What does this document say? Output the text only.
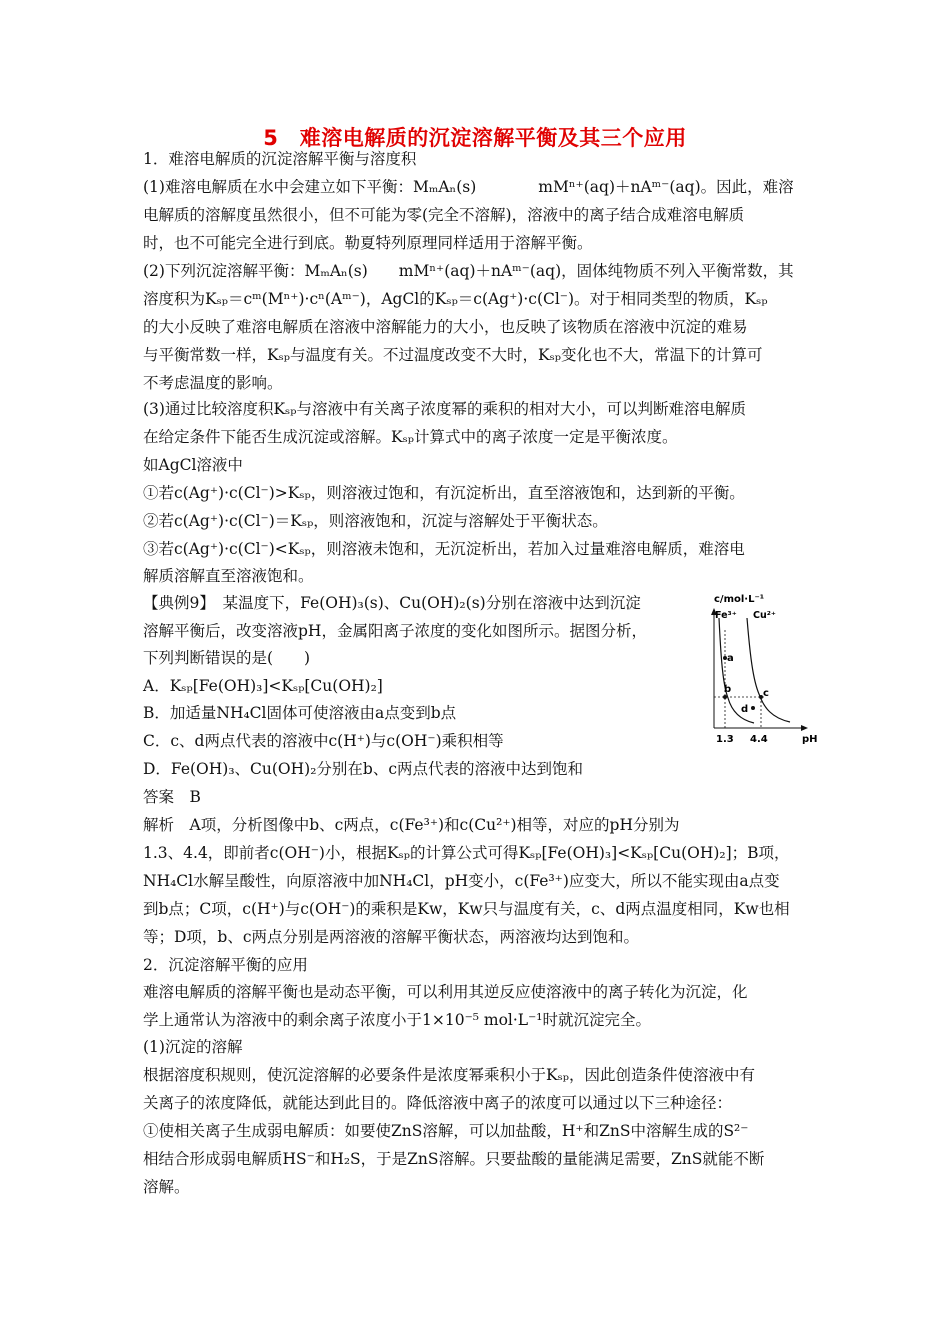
5　难溶电解质的沉淀溶解平衡及其三个应用
1．难溶电解质的沉淀溶解平衡与溶度积
(1)难溶电解质在水中会建立如下平衡：MₘAₙ(s)　　　　mMⁿ⁺(aq)＋nAᵐ⁻(aq)。因此，难溶
电解质的溶解度虽然很小，但不可能为零(完全不溶解)，溶液中的离子结合成难溶电解质
时，也不可能完全进行到底。勒夏特列原理同样适用于溶解平衡。
(2)下列沉淀溶解平衡：MₘAₙ(s)　　mMⁿ⁺(aq)＋nAᵐ⁻(aq)，固体纯物质不列入平衡常数，其
溶度积为Kₛₚ＝cᵐ(Mⁿ⁺)·cⁿ(Aᵐ⁻)，AgCl的Kₛₚ＝c(Ag⁺)·c(Cl⁻)。对于相同类型的物质，Kₛₚ
的大小反映了难溶电解质在溶液中溶解能力的大小，也反映了该物质在溶液中沉淀的难易
与平衡常数一样，Kₛₚ与温度有关。不过温度改变不大时，Kₛₚ变化也不大，常温下的计算可
不考虑温度的影响。
(3)通过比较溶度积Kₛₚ与溶液中有关离子浓度幂的乘积的相对大小，可以判断难溶电解质
在给定条件下能否生成沉淀或溶解。Kₛₚ计算式中的离子浓度一定是平衡浓度。
如AgCl溶液中
①若c(Ag⁺)·c(Cl⁻)>Kₛₚ，则溶液过饱和，有沉淀析出，直至溶液饱和，达到新的平衡。
②若c(Ag⁺)·c(Cl⁻)＝Kₛₚ，则溶液饱和，沉淀与溶解处于平衡状态。
③若c(Ag⁺)·c(Cl⁻)<Kₛₚ，则溶液未饱和，无沉淀析出，若加入过量难溶电解质，难溶电
解质溶解直至溶液饱和。
【典例9】　某温度下，Fe(OH)₃(s)、Cu(OH)₂(s)分别在溶液中达到沉淀
溶解平衡后，改变溶液pH，金属阳离子浓度的变化如图所示。据图分析，
下列判断错误的是(　　)
A．Kₛₚ[Fe(OH)₃]<Kₛₚ[Cu(OH)₂]
B．加适量NH₄Cl固体可使溶液由a点变到b点
C．c、d两点代表的溶液中c(H⁺)与c(OH⁻)乘积相等
D．Fe(OH)₃、Cu(OH)₂分别在b、c两点代表的溶液中达到饱和
答案　B
解析　A项，分析图像中b、c两点，c(Fe³⁺)和c(Cu²⁺)相等，对应的pH分别为
1.3、4.4，即前者c(OH⁻)小，根据Kₛₚ的计算公式可得Kₛₚ[Fe(OH)₃]<Kₛₚ[Cu(OH)₂]；B项，
NH₄Cl水解呈酸性，向原溶液中加NH₄Cl，pH变小，c(Fe³⁺)应变大，所以不能实现由a点变
到b点；C项，c(H⁺)与c(OH⁻)的乘积是Kw，Kw只与温度有关，c、d两点温度相同，Kw也相
等；D项，b、c两点分别是两溶液的溶解平衡状态，两溶液均达到饱和。
2．沉淀溶解平衡的应用
难溶电解质的溶解平衡也是动态平衡，可以利用其逆反应使溶液中的离子转化为沉淀，化
学上通常认为溶液中的剩余离子浓度小于1×10⁻⁵ mol·L⁻¹时就沉淀完全。
(1)沉淀的溶解
根据溶度积规则，使沉淀溶解的必要条件是浓度幂乘积小于Kₛₚ，因此创造条件使溶液中有
关离子的浓度降低，就能达到此目的。降低溶液中离子的浓度可以通过以下三种途径：
①使相关离子生成弱电解质：如要使ZnS溶解，可以加盐酸，H⁺和ZnS中溶解生成的S²⁻
相结合形成弱电解质HS⁻和H₂S，于是ZnS溶解。只要盐酸的量能满足需要，ZnS就能不断
溶解。
c/mol·L⁻¹
pH
Fe³⁺ Cu²⁺
a
b	c
d
1.3 4.4
